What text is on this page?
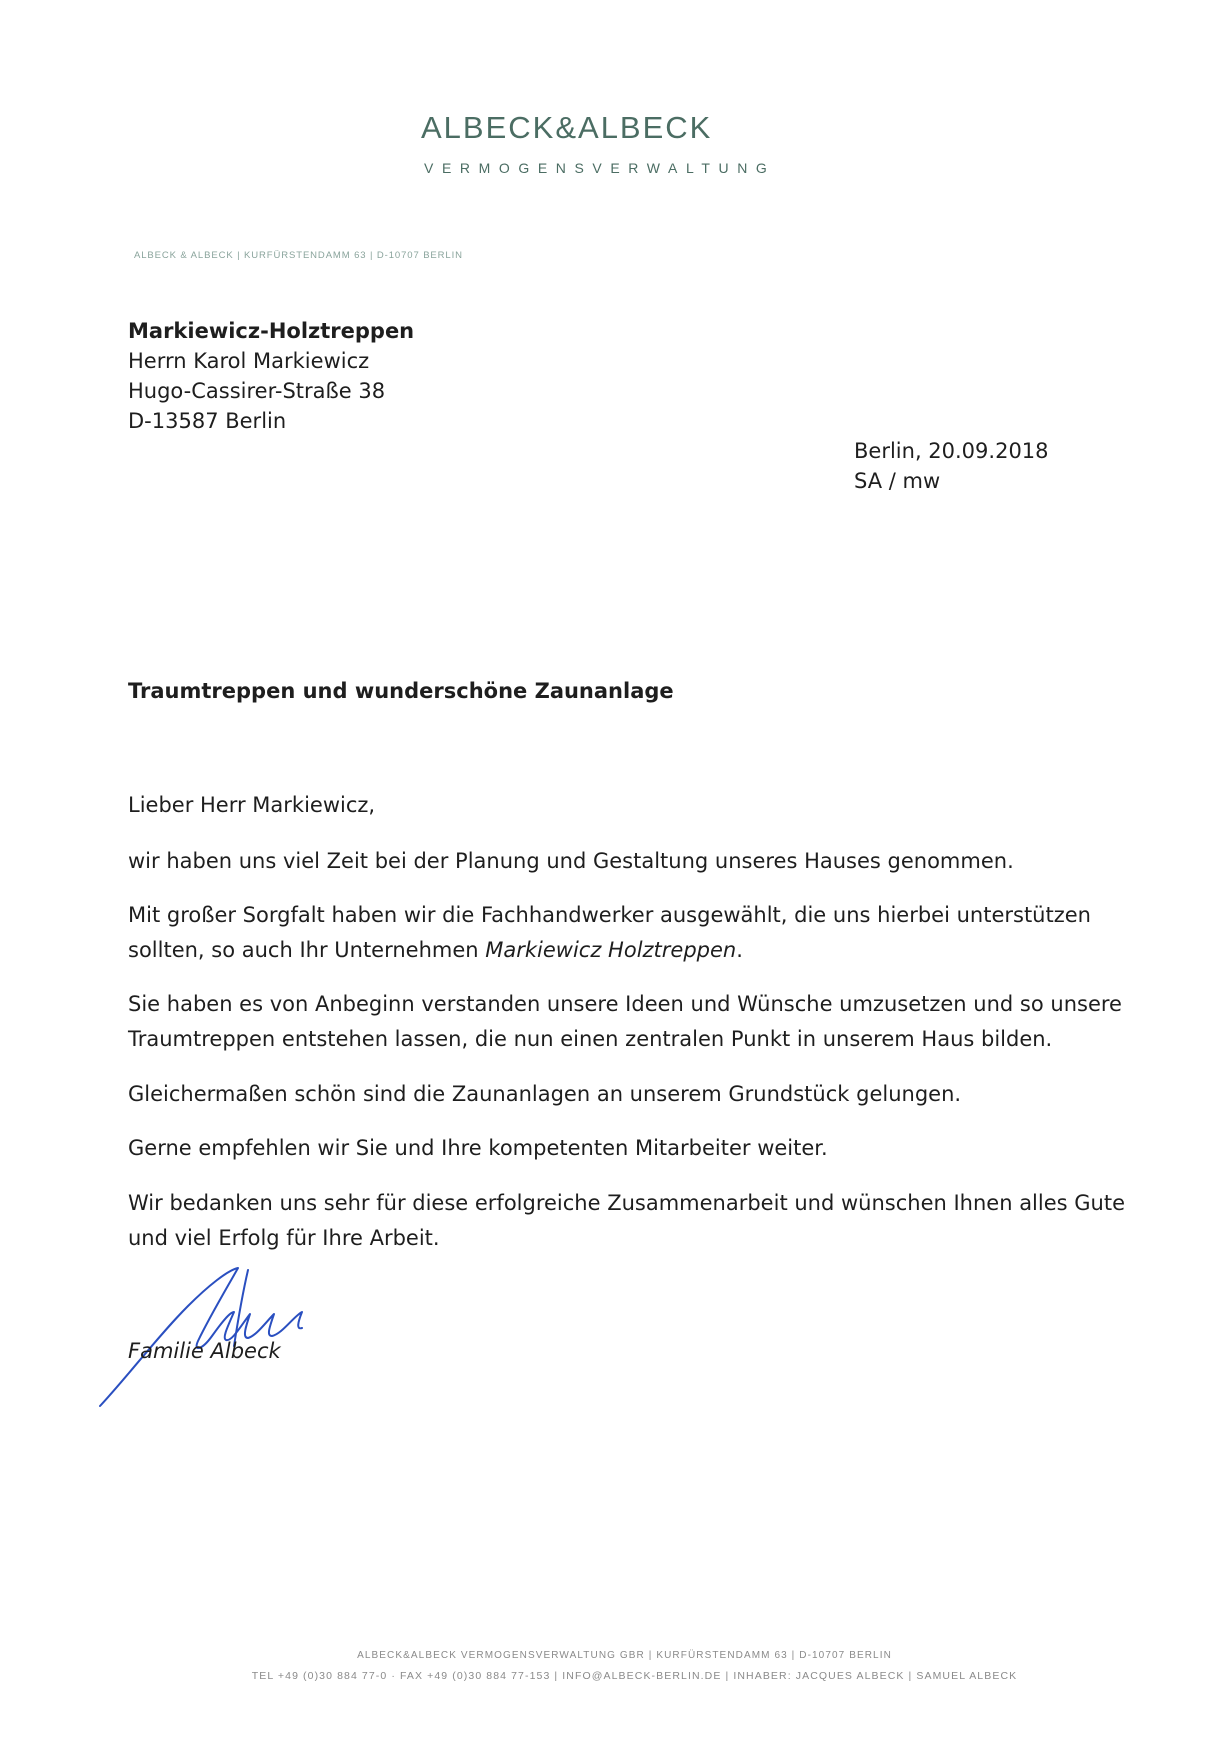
ALBECK&ALBECK
VERMOGENSVERWALTUNG
ALBECK & ALBECK | KURFÜRSTENDAMM 63 | D-10707 BERLIN
Markiewicz-Holztreppen
Herrn Karol Markiewicz
Hugo-Cassirer-Straße 38
D-13587 Berlin
Berlin, 20.09.2018
SA / mw
Traumtreppen und wunderschöne Zaunanlage
Lieber Herr Markiewicz,
wir haben uns viel Zeit bei der Planung und Gestaltung unseres Hauses genommen.
Mit großer Sorgfalt haben wir die Fachhandwerker ausgewählt, die uns hierbei unterstützen
sollten, so auch Ihr Unternehmen Markiewicz Holztreppen.
Sie haben es von Anbeginn verstanden unsere Ideen und Wünsche umzusetzen und so unsere
Traumtreppen entstehen lassen, die nun einen zentralen Punkt in unserem Haus bilden.
Gleichermaßen schön sind die Zaunanlagen an unserem Grundstück gelungen.
Gerne empfehlen wir Sie und Ihre kompetenten Mitarbeiter weiter.
Wir bedanken uns sehr für diese erfolgreiche Zusammenarbeit und wünschen Ihnen alles Gute
und viel Erfolg für Ihre Arbeit.
Familie Albeck
ALBECK&ALBECK VERMOGENSVERWALTUNG GBR | KURFÜRSTENDAMM 63 | D-10707 BERLIN
TEL +49 (0)30 884 77-0 · FAX +49 (0)30 884 77-153 | INFO@ALBECK-BERLIN.DE | INHABER: JACQUES ALBECK | SAMUEL ALBECK
